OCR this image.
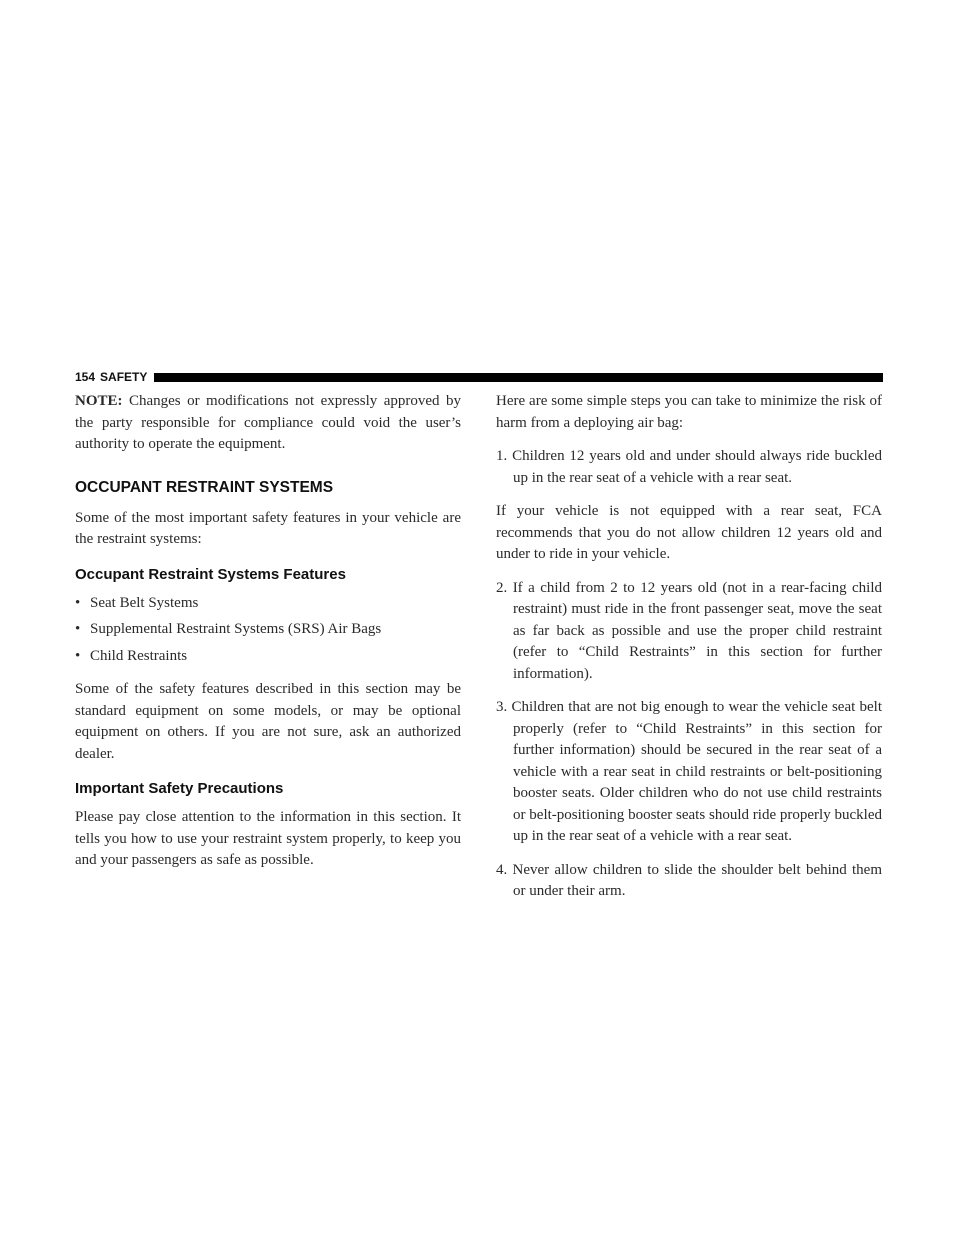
154 SAFETY

NOTE: Changes or modifications not expressly approved by the party responsible for compliance could void the user’s authority to operate the equipment.

OCCUPANT RESTRAINT SYSTEMS

Some of the most important safety features in your vehicle are the restraint systems:

Occupant Restraint Systems Features
• Seat Belt Systems
• Supplemental Restraint Systems (SRS) Air Bags
• Child Restraints

Some of the safety features described in this section may be standard equipment on some models, or may be optional equipment on others. If you are not sure, ask an authorized dealer.

Important Safety Precautions

Please pay close attention to the information in this section. It tells you how to use your restraint system properly, to keep you and your passengers as safe as possible.

Here are some simple steps you can take to minimize the risk of harm from a deploying air bag:

1. Children 12 years old and under should always ride buckled up in the rear seat of a vehicle with a rear seat.

If your vehicle is not equipped with a rear seat, FCA recommends that you do not allow children 12 years old and under to ride in your vehicle.

2. If a child from 2 to 12 years old (not in a rear-facing child restraint) must ride in the front passenger seat, move the seat as far back as possible and use the proper child restraint (refer to “Child Restraints” in this section for further information).
3. Children that are not big enough to wear the vehicle seat belt properly (refer to “Child Restraints” in this section for further information) should be secured in the rear seat of a vehicle with a rear seat in child restraints or belt-positioning booster seats. Older children who do not use child restraints or belt-positioning booster seats should ride properly buckled up in the rear seat of a vehicle with a rear seat.
4. Never allow children to slide the shoulder belt behind them or under their arm.
